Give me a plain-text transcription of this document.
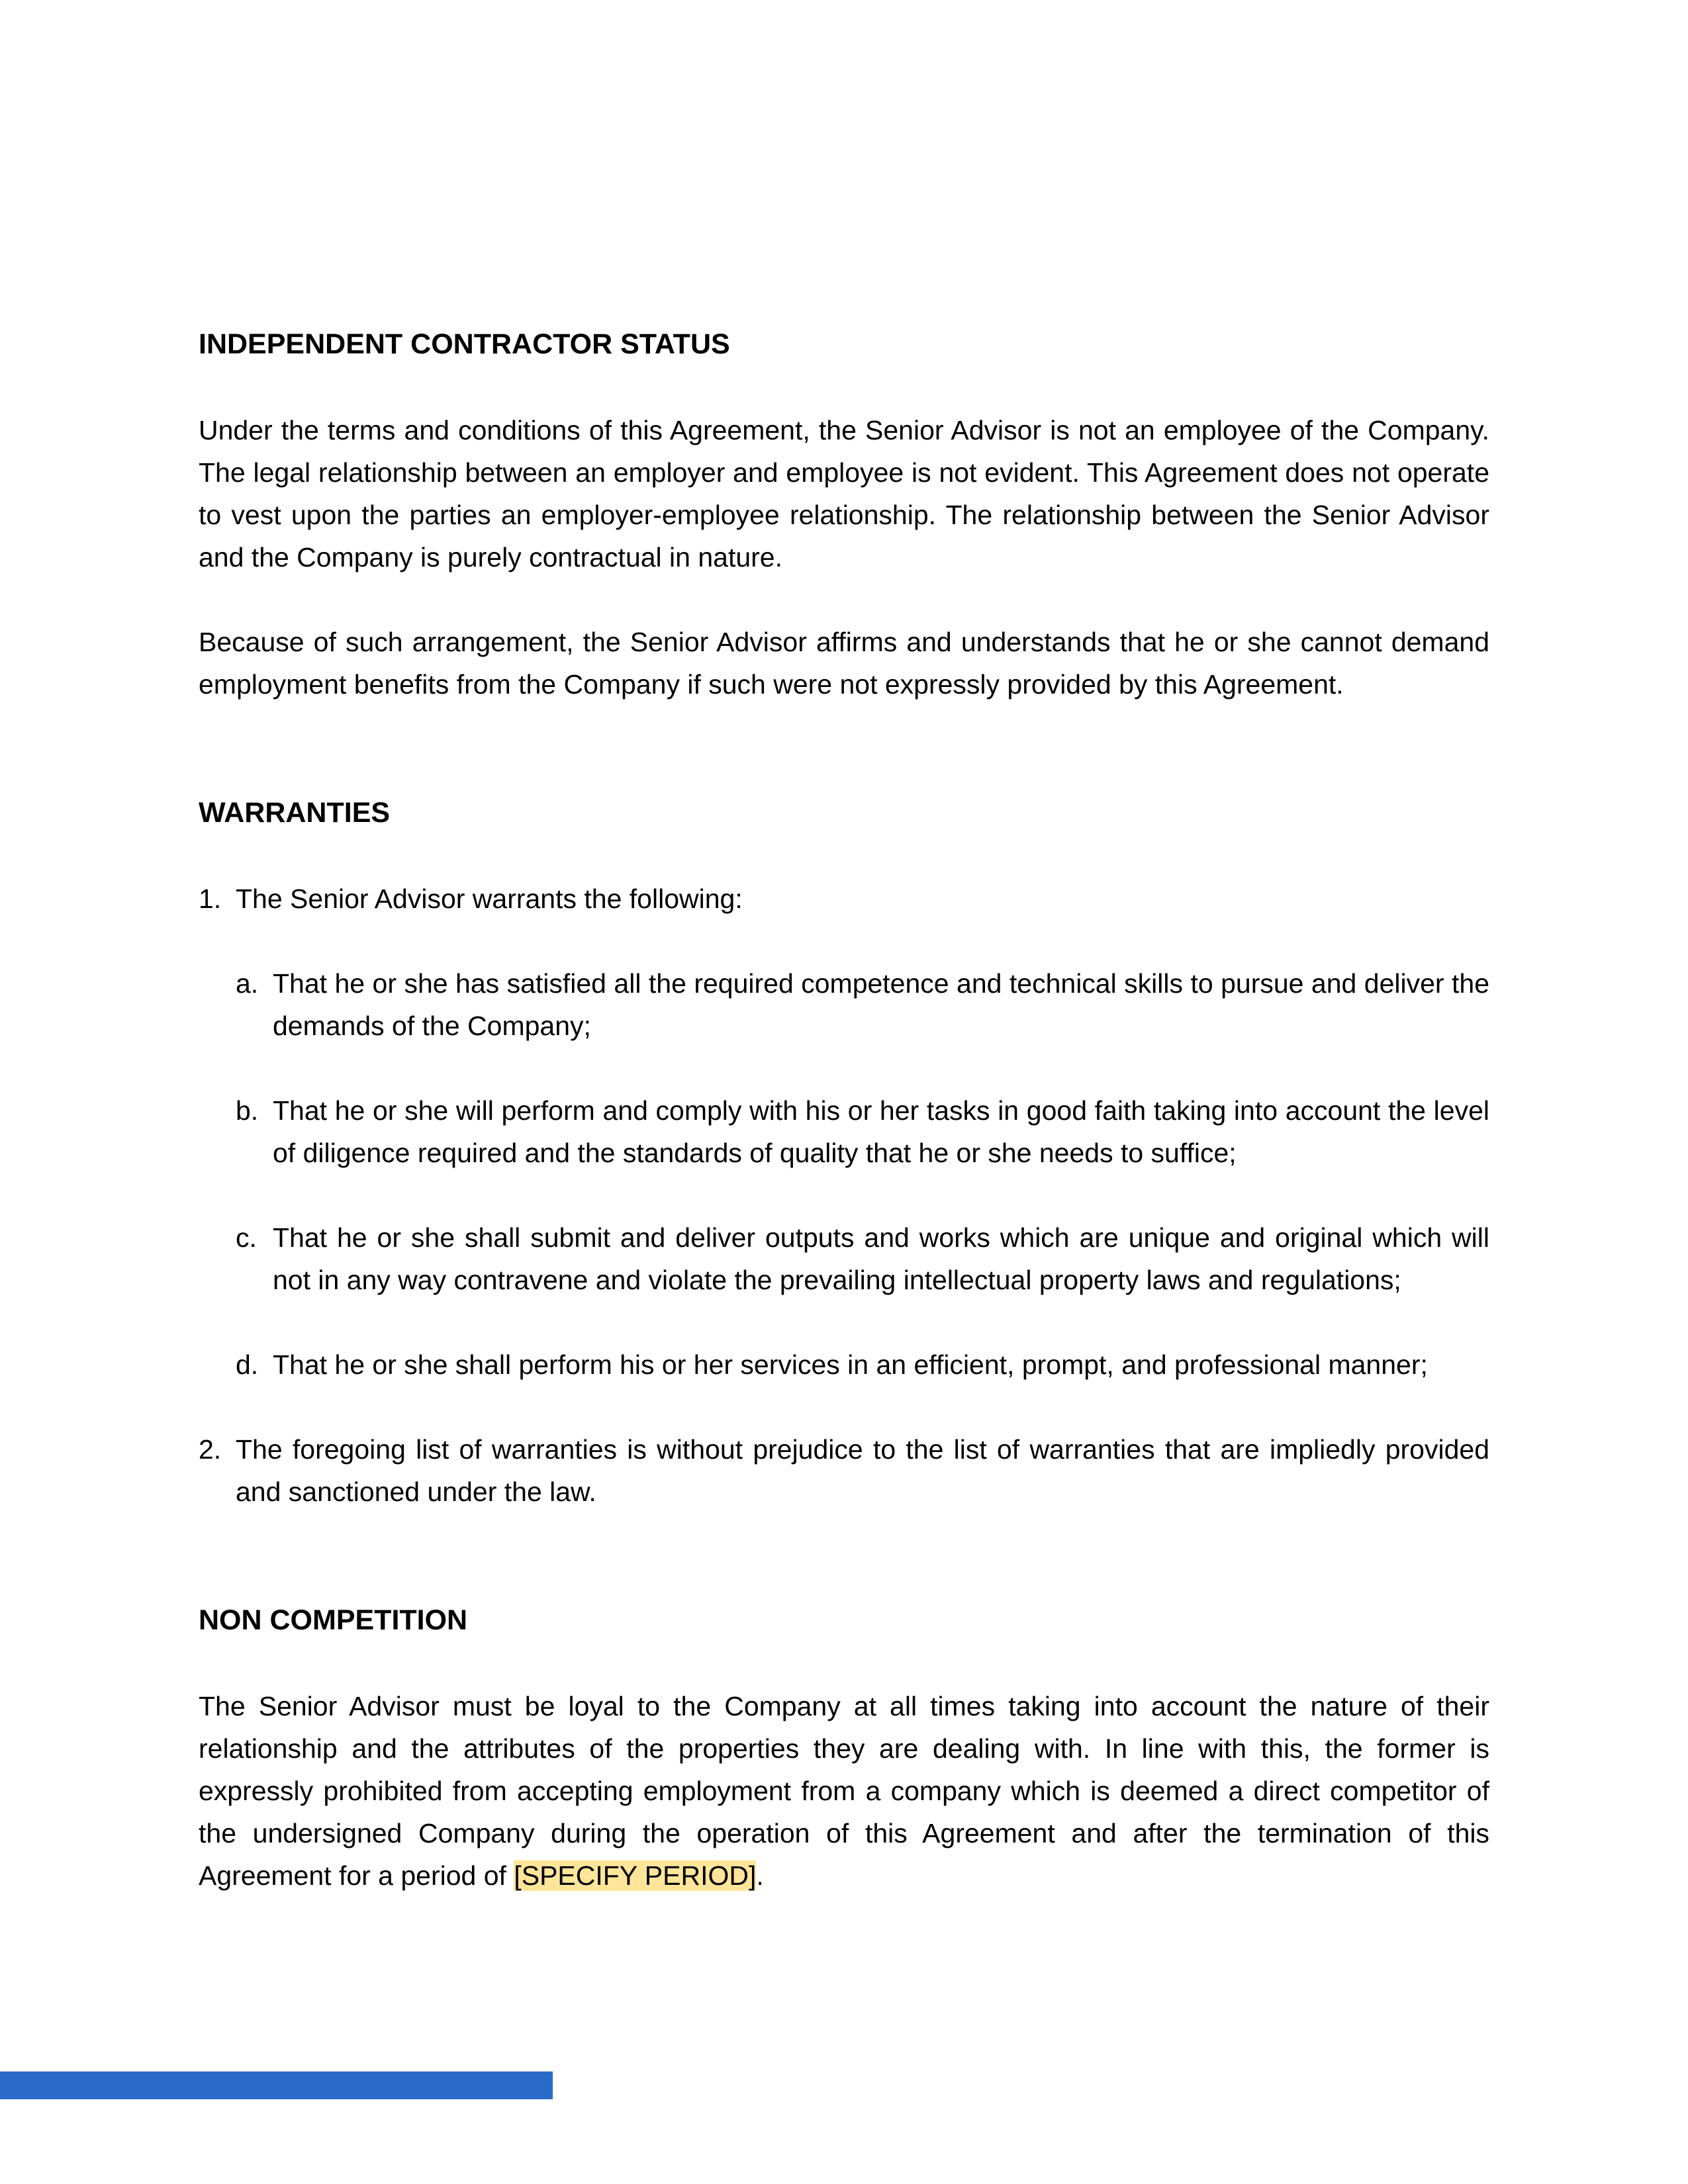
INDEPENDENT CONTRACTOR STATUS

Under the terms and conditions of this Agreement, the Senior Advisor is not an employee of the Company. The legal relationship between an employer and employee is not evident. This Agreement does not operate to vest upon the parties an employer-employee relationship. The relationship between the Senior Advisor and the Company is purely contractual in nature.

Because of such arrangement, the Senior Advisor affirms and understands that he or she cannot demand employment benefits from the Company if such were not expressly provided by this Agreement.

WARRANTIES
1. The Senior Advisor warrants the following:
a. That he or she has satisfied all the required competence and technical skills to pursue and deliver the demands of the Company;
b. That he or she will perform and comply with his or her tasks in good faith taking into account the level of diligence required and the standards of quality that he or she needs to suffice;
c. That he or she shall submit and deliver outputs and works which are unique and original which will not in any way contravene and violate the prevailing intellectual property laws and regulations;
d. That he or she shall perform his or her services in an efficient, prompt, and professional manner;
2. The foregoing list of warranties is without prejudice to the list of warranties that are impliedly provided and sanctioned under the law.
NON COMPETITION

The Senior Advisor must be loyal to the Company at all times taking into account the nature of their relationship and the attributes of the properties they are dealing with. In line with this, the former is expressly prohibited from accepting employment from a company which is deemed a direct competitor of the undersigned Company during the operation of this Agreement and after the termination of this Agreement for a period of [SPECIFY PERIOD].
